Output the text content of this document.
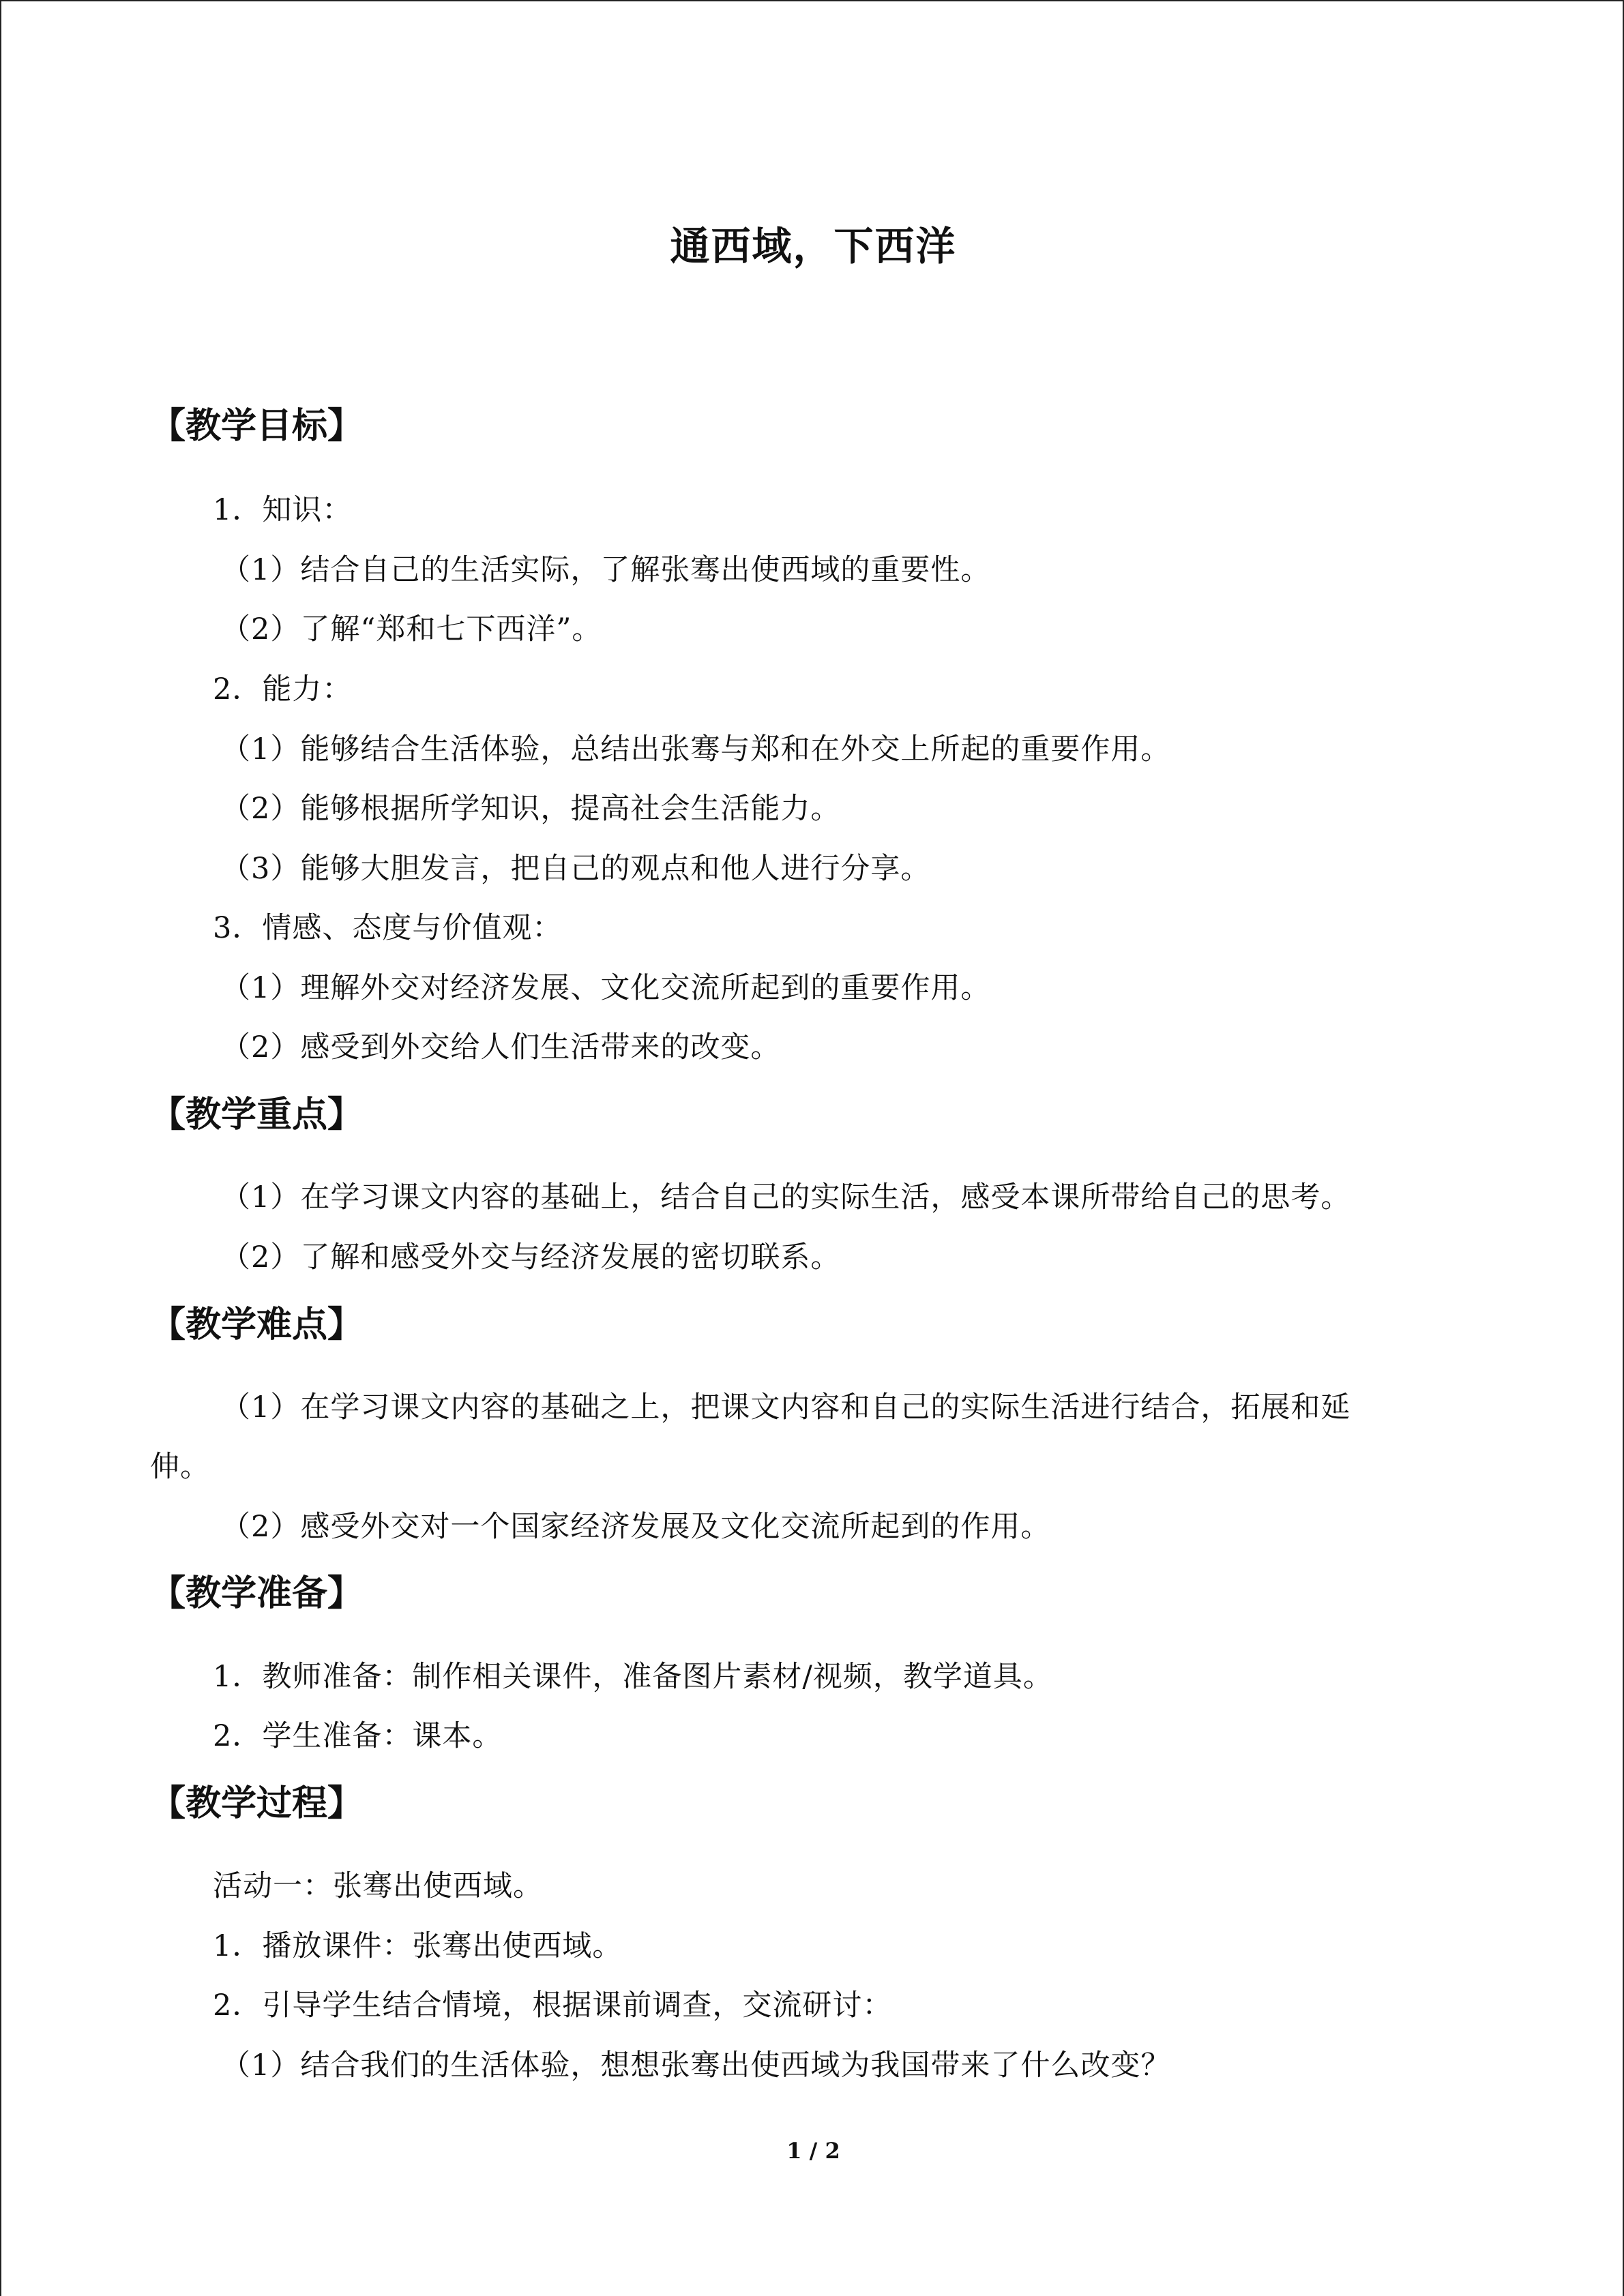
通西域，下西洋
【教学目标】
1．知识：
（1）结合自己的生活实际，了解张骞出使西域的重要性。
（2）了解“郑和七下西洋”。
2．能力：
（1）能够结合生活体验，总结出张骞与郑和在外交上所起的重要作用。
（2）能够根据所学知识，提高社会生活能力。
（3）能够大胆发言，把自己的观点和他人进行分享。
3．情感、态度与价值观：
（1）理解外交对经济发展、文化交流所起到的重要作用。
（2）感受到外交给人们生活带来的改变。
【教学重点】
（1）在学习课文内容的基础上，结合自己的实际生活，感受本课所带给自己的思考。
（2）了解和感受外交与经济发展的密切联系。
【教学难点】
（1）在学习课文内容的基础之上，把课文内容和自己的实际生活进行结合，拓展和延
伸。
（2）感受外交对一个国家经济发展及文化交流所起到的作用。
【教学准备】
1．教师准备：制作相关课件，准备图片素材/视频，教学道具。
2．学生准备：课本。
【教学过程】
活动一：张骞出使西域。
1．播放课件：张骞出使西域。
2．引导学生结合情境，根据课前调查，交流研讨：
（1）结合我们的生活体验，想想张骞出使西域为我国带来了什么改变？
1 / 2
